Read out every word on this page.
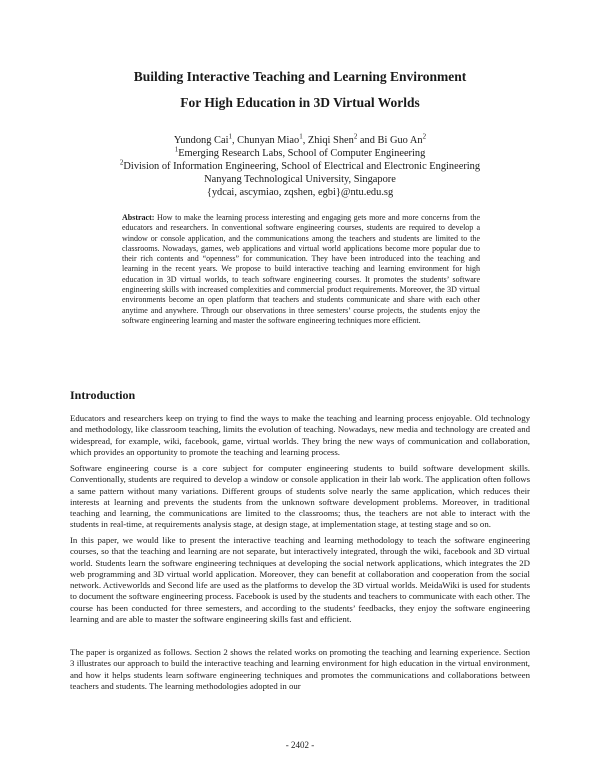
Building Interactive Teaching and Learning Environment
For High Education in 3D Virtual Worlds
Yundong Cai$^1$, Chunyan Miao$^1$, Zhiqi Shen$^2$ and Bi Guo An$^2$
$^1$Emerging Research Labs, School of Computer Engineering
$^2$Division of Information Engineering, School of Electrical and Electronic Engineering
Nanyang Technological University, Singapore
{ydcai, ascymiao, zqshen, egbi}@ntu.edu.sg
Abstract: How to make the learning process interesting and engaging gets more and more concerns from the educators and researchers. In conventional software engineering courses, students are required to develop a window or console application, and the communications among the teachers and students are limited to the classrooms. Nowadays, games, web applications and virtual world applications become more popular due to their rich contents and “openness” for communication. They have been introduced into the teaching and learning in the recent years. We propose to build interactive teaching and learning environment for high education in 3D virtual worlds, to teach software engineering courses. It promotes the students’ software engineering skills with increased complexities and commercial product requirements. Moreover, the 3D virtual environments become an open platform that teachers and students communicate and share with each other anytime and anywhere. Through our observations in three semesters’ course projects, the students enjoy the software engineering learning and master the software engineering techniques more efficient.
Introduction
Educators and researchers keep on trying to find the ways to make the teaching and learning process enjoyable. Old technology and methodology, like classroom teaching, limits the evolution of teaching. Nowadays, new media and technology are created and widespread, for example, wiki, facebook, game, virtual worlds. They bring the new ways of communication and collaboration, which provides an opportunity to promote the teaching and learning process.
Software engineering course is a core subject for computer engineering students to build software development skills. Conventionally, students are required to develop a window or console application in their lab work. The application often follows a same pattern without many variations. Different groups of students solve nearly the same application, which reduces their interests at learning and prevents the students from the unknown software development problems. Moreover, in traditional teaching and learning, the communications are limited to the classrooms; thus, the teachers are not able to interact with the students in real-time, at requirements analysis stage, at design stage, at implementation stage, at testing stage and so on.
In this paper, we would like to present the interactive teaching and learning methodology to teach the software engineering courses, so that the teaching and learning are not separate, but interactively integrated, through the wiki, facebook and 3D virtual world. Students learn the software engineering techniques at developing the social network applications, which integrates the 2D web programming and 3D virtual world application. Moreover, they can benefit at collaboration and cooperation from the social network. Activeworlds and Second life are used as the platforms to develop the 3D virtual worlds. MeidaWiki is used for students to document the software engineering process. Facebook is used by the students and teachers to communicate with each other. The course has been conducted for three semesters, and according to the students’ feedbacks, they enjoy the software engineering learning and are able to master the software engineering skills fast and efficient.
The paper is organized as follows. Section 2 shows the related works on promoting the teaching and learning experience. Section 3 illustrates our approach to build the interactive teaching and learning environment for high education in the virtual environment, and how it helps students learn software engineering techniques and promotes the communications and collaborations between teachers and students. The learning methodologies adopted in our
- 2402 -
